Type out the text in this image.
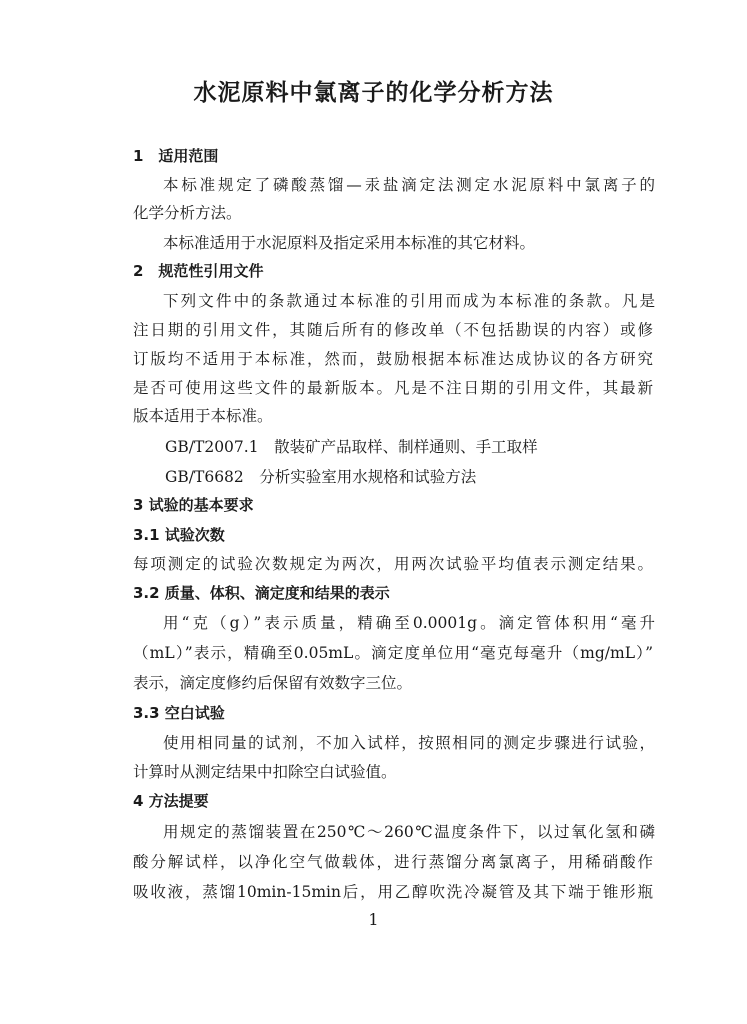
水泥原料中氯离子的化学分析方法
1　适用范围
本标准规定了磷酸蒸馏—汞盐滴定法测定水泥原料中氯离子的
化学分析方法。
本标准适用于水泥原料及指定采用本标准的其它材料。
2　规范性引用文件
下列文件中的条款通过本标准的引用而成为本标准的条款。凡是
注日期的引用文件，其随后所有的修改单（不包括勘误的内容）或修
订版均不适用于本标准，然而，鼓励根据本标准达成协议的各方研究
是否可使用这些文件的最新版本。凡是不注日期的引用文件，其最新
版本适用于本标准。
GB/T2007.1　散装矿产品取样、制样通则、手工取样
GB/T6682　分析实验室用水规格和试验方法
3 试验的基本要求
3.1 试验次数
每项测定的试验次数规定为两次，用两次试验平均值表示测定结果。
3.2 质量、体积、滴定度和结果的表示
用“克（g）”表示质量，精确至0.0001g。滴定管体积用“毫升
（mL）”表示，精确至0.05mL。滴定度单位用“毫克每毫升（mg/mL）”
表示，滴定度修约后保留有效数字三位。
3.3 空白试验
使用相同量的试剂，不加入试样，按照相同的测定步骤进行试验，
计算时从测定结果中扣除空白试验值。
4 方法提要
用规定的蒸馏装置在250℃～260℃温度条件下，以过氧化氢和磷
酸分解试样，以净化空气做载体，进行蒸馏分离氯离子，用稀硝酸作
吸收液，蒸馏10min-15min后，用乙醇吹洗冷凝管及其下端于锥形瓶
1
